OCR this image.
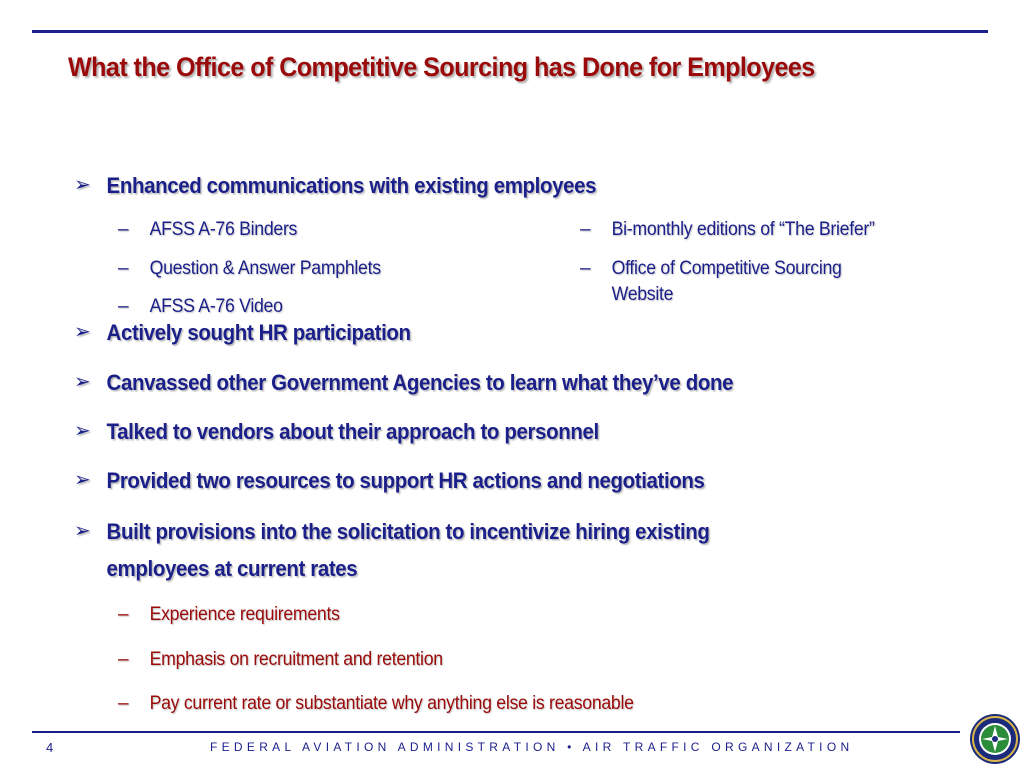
What the Office of Competitive Sourcing has Done for Employees
➢ Enhanced communications with existing employees
–	AFSS A-76 Binders
–	Question & Answer Pamphlets
–	AFSS A-76 Video
–	Bi-monthly editions of “The Briefer”
–	Office of Competitive Sourcing Website
➢ Actively sought HR participation
➢ Canvassed other Government Agencies to learn what they’ve done
➢ Talked to vendors about their approach to personnel
➢ Provided two resources to support HR actions and negotiations
➢ Built provisions into the solicitation to incentivize hiring existing employees at current rates
–	Experience requirements
–	Emphasis on recruitment and retention
–	Pay current rate or substantiate why anything else is reasonable
4	FEDERAL AVIATION ADMINISTRATION • AIR TRAFFIC ORGANIZATION
